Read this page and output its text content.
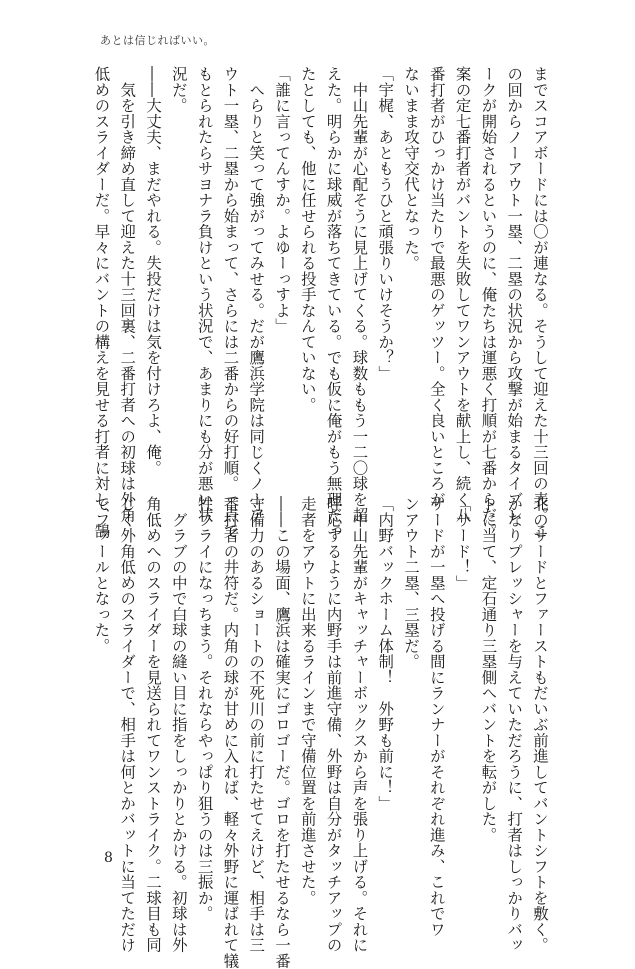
あとは信じればいい。
までスコアボードには〇が連なる。そうして迎えた十三回の表。こ
の回からノーアウト一塁、二塁の状況から攻撃が始まるタイブレ
ークが開始されるというのに、俺たちは運悪く打順が七番からだ。
案の定七番打者がバントを失敗してワンアウトを献上し、続く八
番打者がひっかけ当たりで最悪のゲッツー。全く良いところが
ないまま攻守交代となった。
「宇梶、あともうひと頑張りいけそうか？」
　中山先輩が心配そうに見上げてくる。球数ももう一二〇球を超
えた。明らかに球威が落ちてきている。でも仮に俺がもう無理だっ
たとしても、他に任せられる投手なんていない。
「誰に言ってんすか。よゆーっすよ」
　へらりと笑って強がってみせる。だが鷹浜学院は同じくノーア
ウト一塁、二塁から始まって、さらには二番からの好打順。一点で
もとられたらサヨナラ負けという状況で、あまりにも分が悪い状
況だ。
――大丈夫、まだやれる。失投だけは気を付けろよ、俺。
　気を引き締め直して迎えた十三回裏、二番打者への初球は外角
低めのスライダーだ。早々にバントの構えを見せる打者に対し、鵠
北のサードとファーストもだいぶ前進してバントシフトを敷く。
かなりプレッシャーを与えていただろうに、打者はしっかりバッ
トに当て、定石通り三塁側へバントを転がした。
「サード！」
サードが一塁へ投げる間にランナーがそれぞれ進み、これでワ
ンアウト二塁、三塁だ。
「内野バックホーム体制！　外野も前に！」
　中山先輩がキャッチャーボックスから声を張り上げる。それに
呼応するように内野手は前進守備、外野は自分がタッチアップの
走者をアウトに出来るラインまで守備位置を前進させた。
――この場面、鷹浜は確実にゴロゴーだ。ゴロを打たせるなら一番
守備力のあるショートの不死川の前に打たせてえけど、相手は三
番打者の井符だ。内角の球が甘めに入れば、軽々外野に運ばれて犠
牲フライになっちまう。それならやっぱり狙うのは三振か。
　グラブの中で白球の縫い目に指をしっかりとかける。初球は外
角低めへのスライダーを見送られてワンストライク。二球目も同
じく外角低めのスライダーで、相手は何とかバットに当てただけ
でファールとなった。
8
